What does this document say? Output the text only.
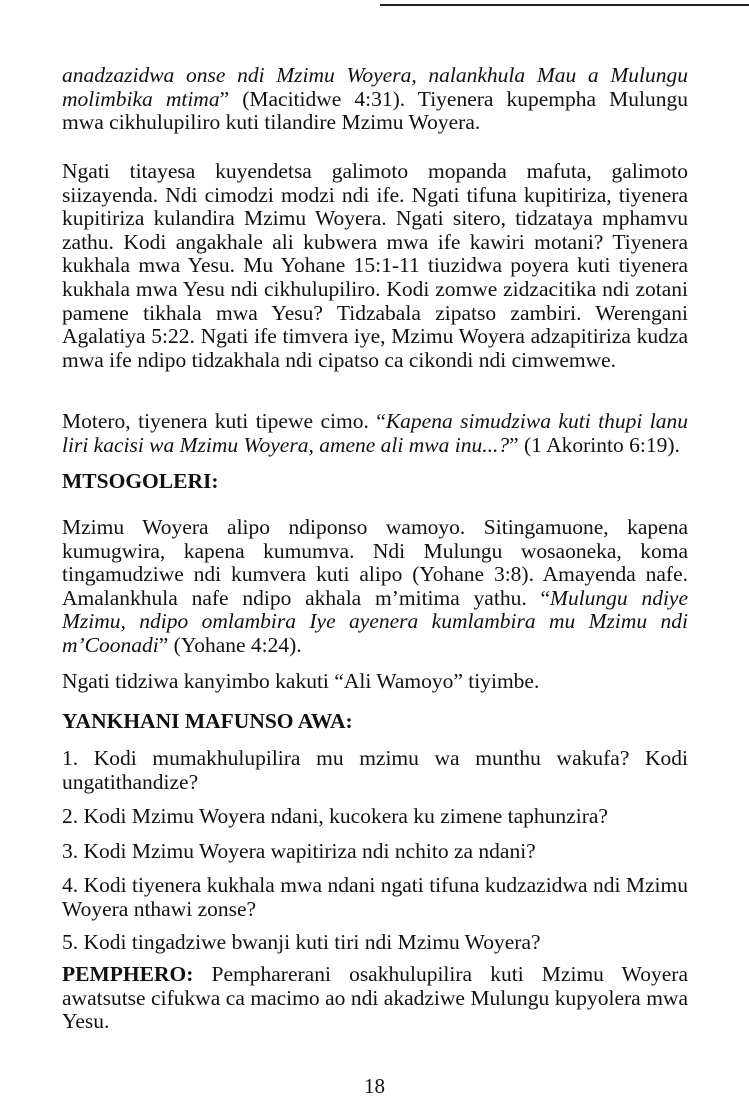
anadzazidwa onse ndi Mzimu Woyera, nalankhula Mau a Mulungu molimbika mtima” (Macitidwe 4:31). Tiyenera kupempha Mulungu mwa cikhulupiliro kuti tilandire Mzimu Woyera.

Ngati titayesa kuyendetsa galimoto mopanda mafuta, galimoto siizayenda. Ndi cimodzi modzi ndi ife. Ngati tifuna kupitiriza, tiyenera kupitiriza kulandira Mzimu Woyera. Ngati sitero, tidzataya mphamvu zathu. Kodi angakhale ali kubwera mwa ife kawiri motani? Tiyenera kukhala mwa Yesu. Mu Yohane 15:1-11 tiuzidwa poyera kuti tiyenera kukhala mwa Yesu ndi cikhulupiliro. Kodi zomwe zidzacitika ndi zotani pamene tikhala mwa Yesu? Tidzabala zipatso zambiri. Werengani Agalatiya 5:22. Ngati ife timvera iye, Mzimu Woyera adzapitiriza kudza mwa ife ndipo tidzakhala ndi cipatso ca cikondi ndi cimwemwe.

Motero, tiyenera kuti tipewe cimo. “Kapena simudziwa kuti thupi lanu liri kacisi wa Mzimu Woyera, amene ali mwa inu...?” (1 Akorinto 6:19).

MTSOGOLERI:

Mzimu Woyera alipo ndiponso wamoyo. Sitingamuone, kapena kumugwira, kapena kumumva. Ndi Mulungu wosaoneka, koma tingamudziwe ndi kumvera kuti alipo (Yohane 3:8). Amayenda nafe. Amalankhula nafe ndipo akhala m’mitima yathu. “Mulungu ndiye Mzimu, ndipo omlambira Iye ayenera kumlambira mu Mzimu ndi m’Coonadi” (Yohane 4:24).

Ngati tidziwa kanyimbo kakuti “Ali Wamoyo” tiyimbe.

YANKHANI MAFUNSO AWA:

1. Kodi mumakhulupilira mu mzimu wa munthu wakufa? Kodi ungatithandize?

2. Kodi Mzimu Woyera ndani, kucokera ku zimene taphunzira?

3. Kodi Mzimu Woyera wapitiriza ndi nchito za ndani?

4. Kodi tiyenera kukhala mwa ndani ngati tifuna kudzazidwa ndi Mzimu Woyera nthawi zonse?

5. Kodi tingadziwe bwanji kuti tiri ndi Mzimu Woyera?

PEMPHERO: Pempharerani osakhulupilira kuti Mzimu Woyera awatsutse cifukwa ca macimo ao ndi akadziwe Mulungu kupyolera mwa Yesu.

18
